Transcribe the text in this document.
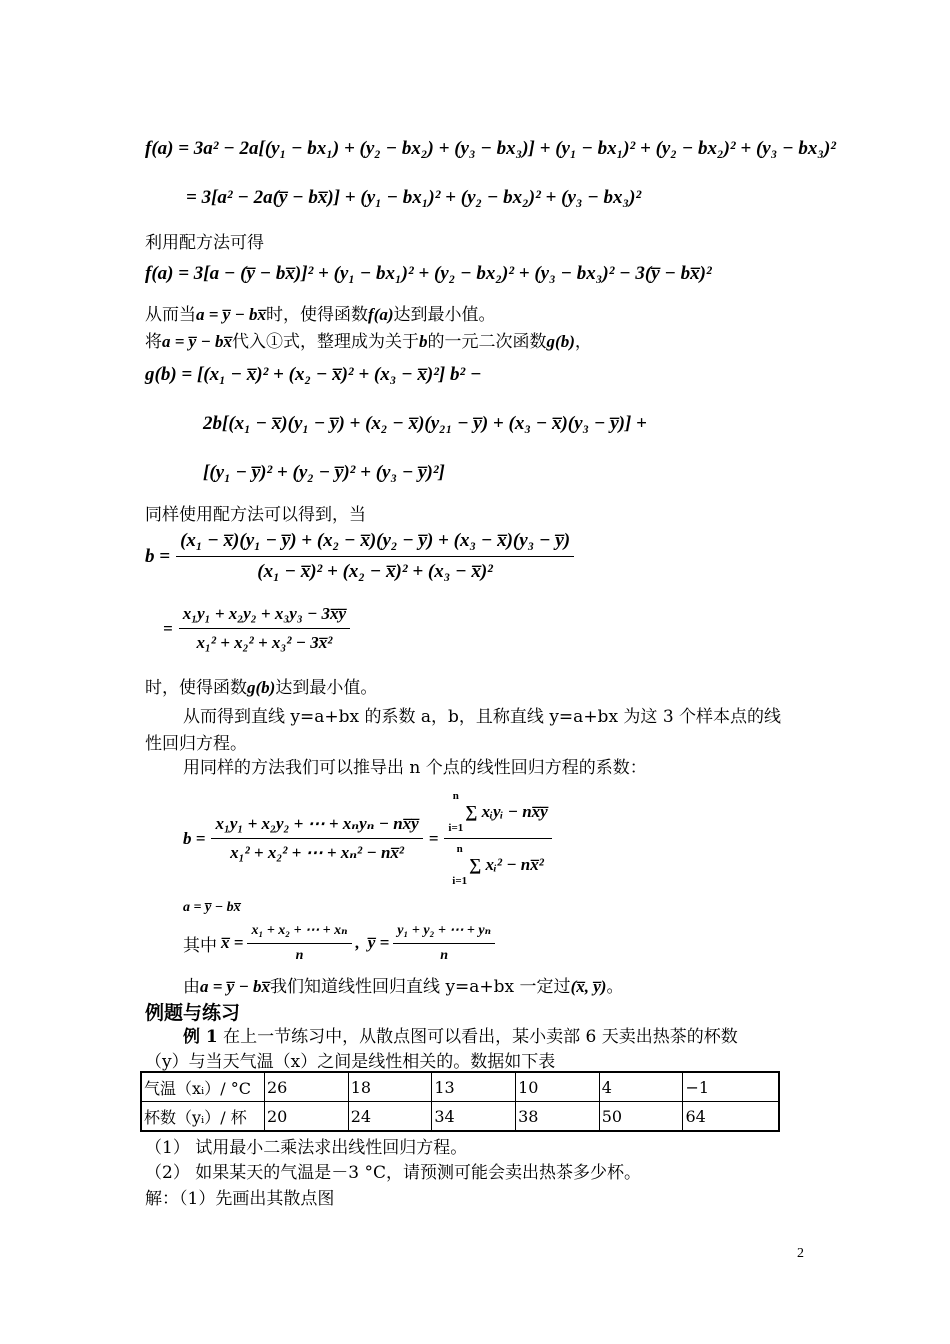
f(a) = 3a² − 2a[(y₁ − bx₁) + (y₂ − bx₂) + (y₃ − bx₃)] + (y₁ − bx₁)² + (y₂ − bx₂)² + (y₃ − bx₃)²
= 3[a² − 2a(y̅ − bx̅)] + (y₁ − bx₁)² + (y₂ − bx₂)² + (y₃ − bx₃)²
利用配方法可得
f(a) = 3[a − (y̅ − bx̅)]² + (y₁ − bx₁)² + (y₂ − bx₂)² + (y₃ − bx₃)² − 3(y̅ − bx̅)²
从而当a = y̅ − bx̅时，使得函数f(a)达到最小值。
将a = y̅ − bx̅代入①式，整理成为关于b的一元二次函数g(b)，
g(b) = [(x₁ − x̅)² + (x₂ − x̅)² + (x₃ − x̅)²] b² −
2b[(x₁ − x̅)(y₁ − y̅) + (x₂ − x̅)(y₂₁ − y̅) + (x₃ − x̅)(y₃ − y̅)] +
[(y₁ − y̅)² + (y₂ − y̅)² + (y₃ − y̅)²]
同样使用配方法可以得到，当
$b = \frac{\text{(x₁ − x̅)(y₁ − y̅) + (x₂ − x̅)(y₂ − y̅) + (x₃ − x̅)(y₃ − y̅)}}{\text{(x₁ − x̅)² + (x₂ − x̅)² + (x₃ − x̅)²}}$
= $\frac{\text{x₁y₁ + x₂y₂ + x₃y₃ − 3x̅y̅}}{\text{x₁² + x₂² + x₃² − 3x̅²}}$
时，使得函数g(b)达到最小值。
从而得到直线 y=a+bx 的系数 a，b，且称直线 y=a+bx 为这 3 个样本点的线
性回归方程。
用同样的方法我们可以推导出 n 个点的线性回归方程的系数：
$b = \frac{\text{x₁y₁ + x₂y₂ + ⋯ + xₙyₙ − nx̅y̅}}{\text{x₁² + x₂² + ⋯ + xₙ² − nx̅²}} = n$
i=1
∑ xᵢyᵢ − nx̅y̅
n
i=1
∑ xᵢ² − nx̅²
a = y̅ − bx̅
其中 x̅ = $\frac{\text{x₁ + x₂ + ⋯ + xₙ}}{n}$ , y̅ = $\frac{\text{y₁ + y₂ + ⋯ + yₙ}}{n}$
由a = y̅ − bx̅我们知道线性回归直线 y=a+bx 一定过(x̅, y̅)。
例题与练习
例 1 在上一节练习中，从散点图可以看出，某小卖部 6 天卖出热茶的杯数
（y）与当天气温（x）之间是线性相关的。数据如下表
气温（xᵢ）/ °C	26	18	13	10	4	−1
杯数（yᵢ）/ 杯	20	24	34	38	50	64
（1） 试用最小二乘法求出线性回归方程。
（2） 如果某天的气温是－3 °C，请预测可能会卖出热茶多少杯。
解：（1）先画出其散点图
2
